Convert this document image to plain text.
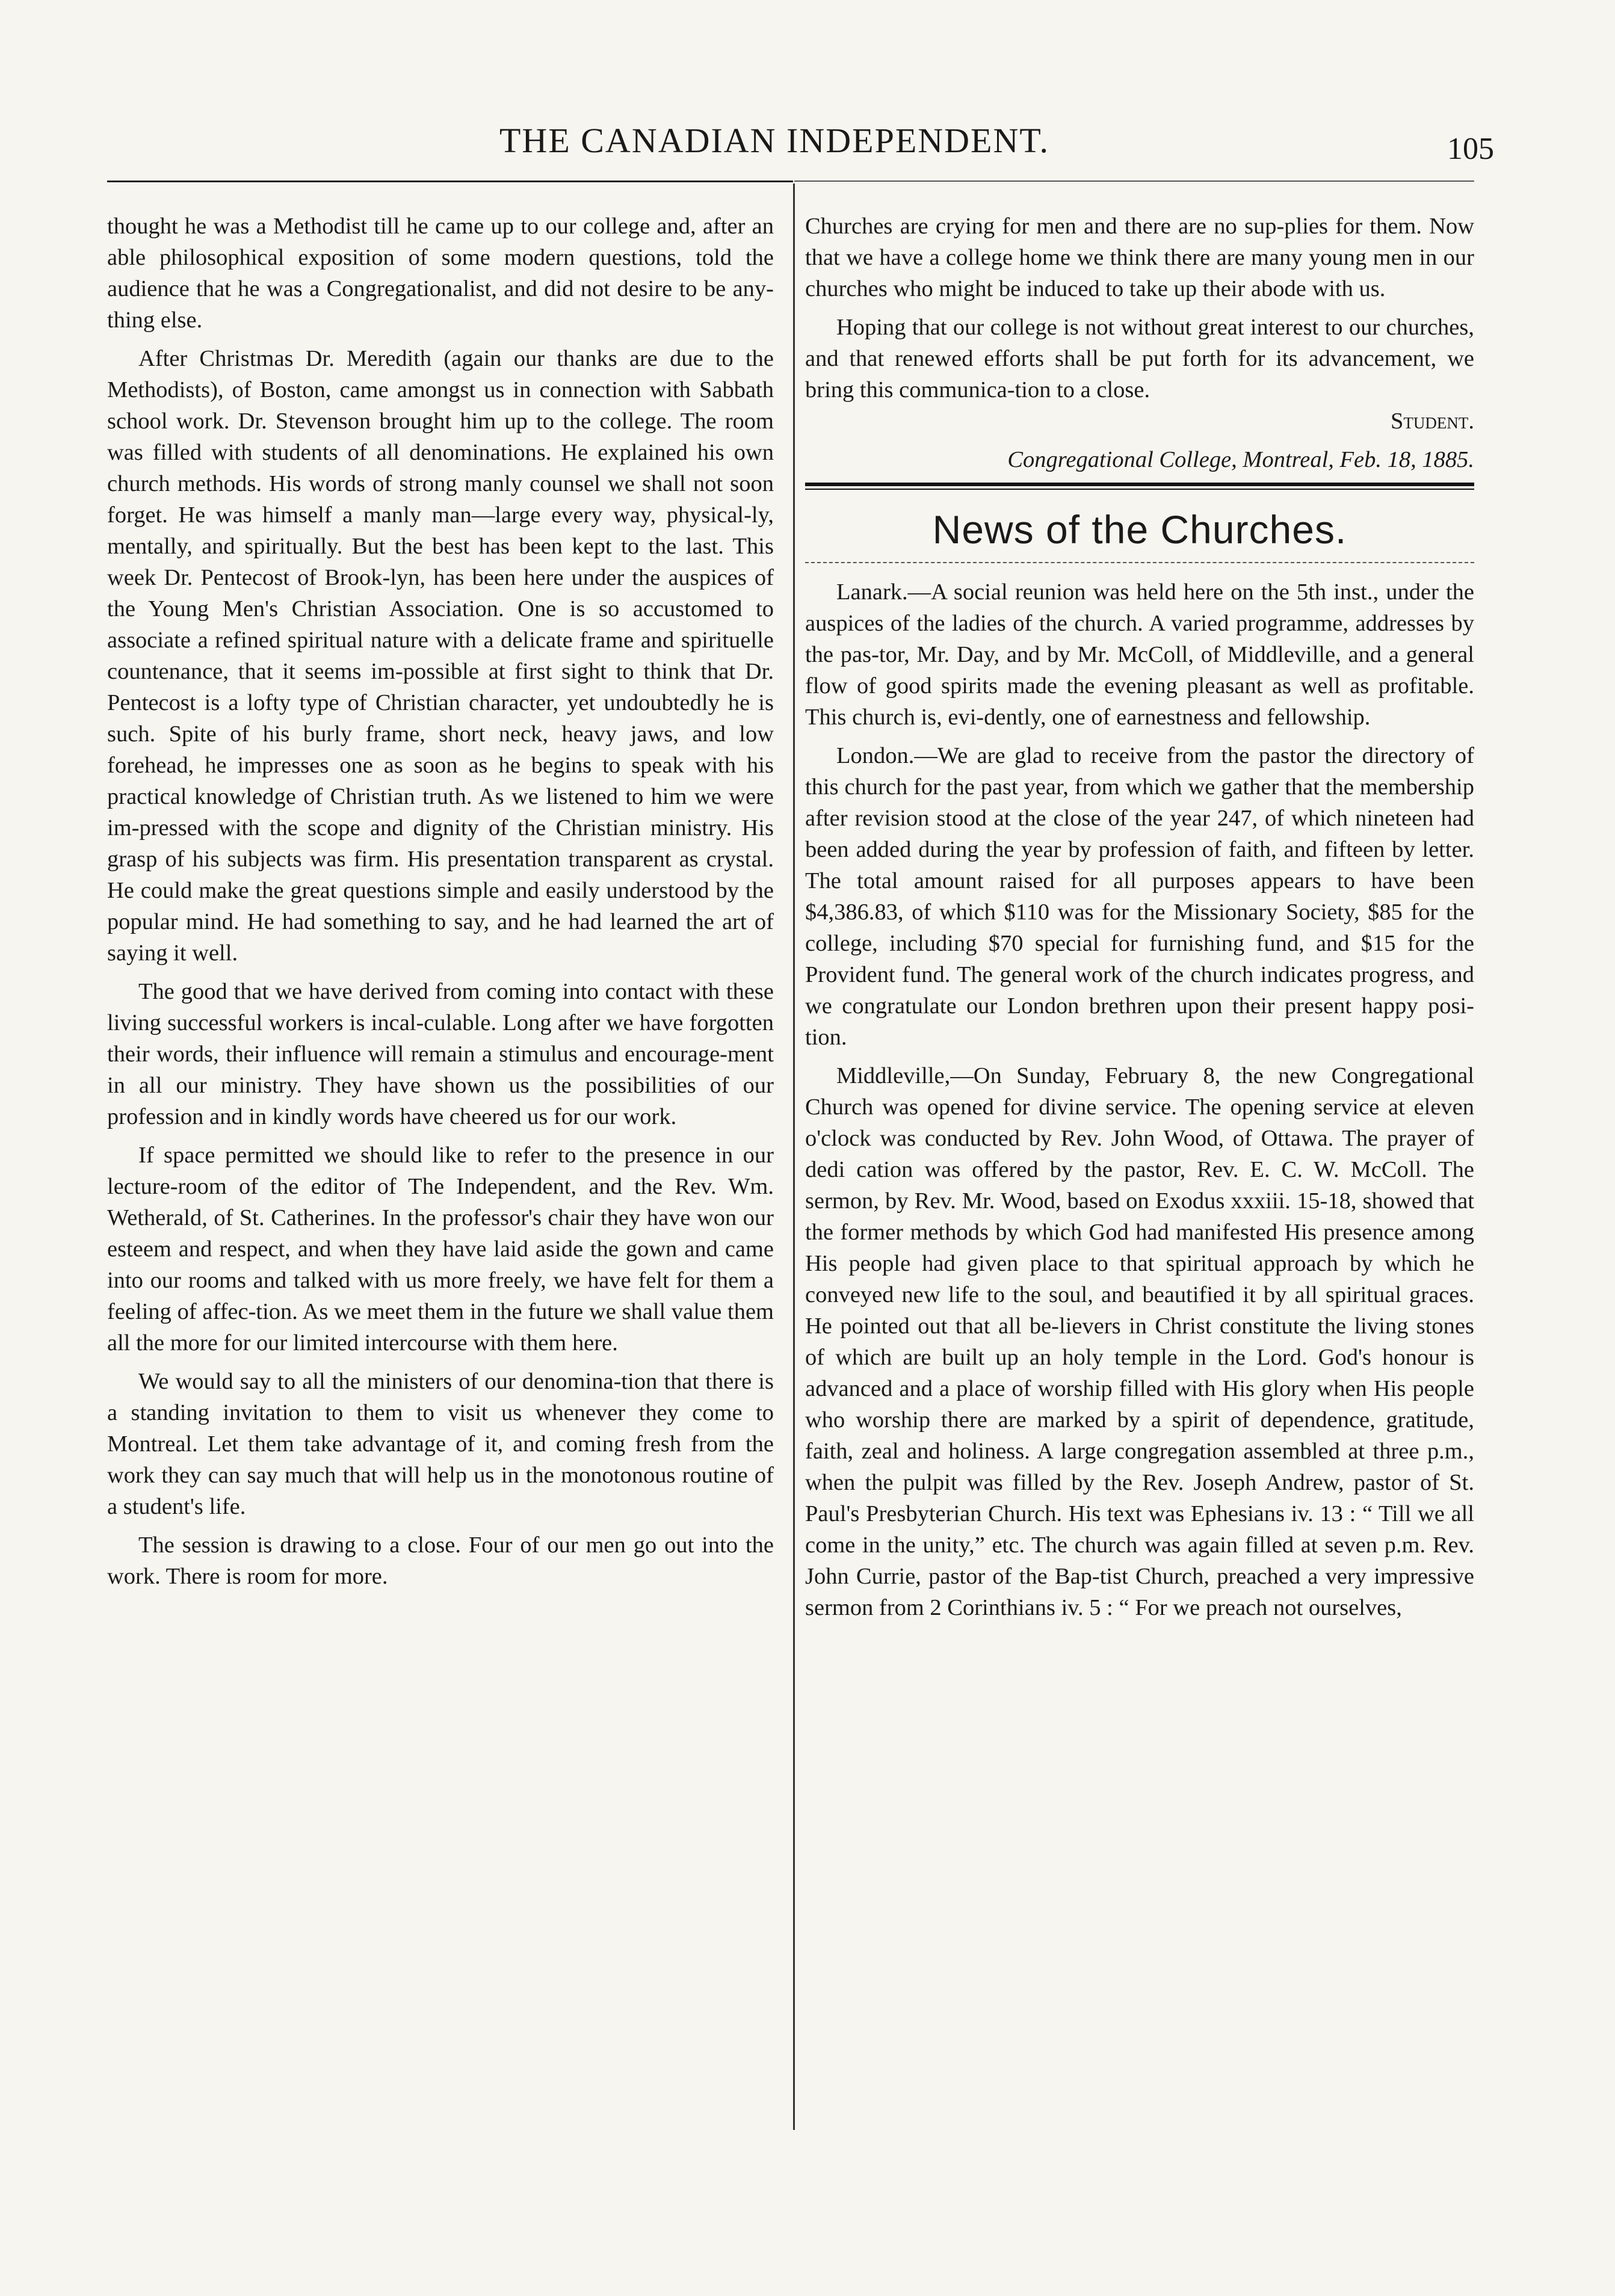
THE CANADIAN INDEPENDENT.	105

thought he was a Methodist till he came up to our college and, after an able philosophical exposition of some modern questions, told the audience that he was a Congregationalist, and did not desire to be any-thing else.

After Christmas Dr. Meredith (again our thanks are due to the Methodists), of Boston, came amongst us in connection with Sabbath school work. Dr. Stevenson brought him up to the college. The room was filled with students of all denominations. He explained his own church methods. His words of strong manly counsel we shall not soon forget. He was himself a manly man—large every way, physical-ly, mentally, and spiritually. But the best has been kept to the last. This week Dr. Pentecost of Brook-lyn, has been here under the auspices of the Young Men's Christian Association. One is so accustomed to associate a refined spiritual nature with a delicate frame and spirituelle countenance, that it seems im-possible at first sight to think that Dr. Pentecost is a lofty type of Christian character, yet undoubtedly he is such. Spite of his burly frame, short neck, heavy jaws, and low forehead, he impresses one as soon as he begins to speak with his practical knowledge of Christian truth. As we listened to him we were im-pressed with the scope and dignity of the Christian ministry. His grasp of his subjects was firm. His presentation transparent as crystal. He could make the great questions simple and easily understood by the popular mind. He had something to say, and he had learned the art of saying it well.

The good that we have derived from coming into contact with these living successful workers is incal-culable. Long after we have forgotten their words, their influence will remain a stimulus and encourage-ment in all our ministry. They have shown us the possibilities of our profession and in kindly words have cheered us for our work.

If space permitted we should like to refer to the presence in our lecture-room of the editor of The Independent, and the Rev. Wm. Wetherald, of St. Catherines. In the professor's chair they have won our esteem and respect, and when they have laid aside the gown and came into our rooms and talked with us more freely, we have felt for them a feeling of affec-tion. As we meet them in the future we shall value them all the more for our limited intercourse with them here.

We would say to all the ministers of our denomina-tion that there is a standing invitation to them to visit us whenever they come to Montreal. Let them take advantage of it, and coming fresh from the work they can say much that will help us in the monotonous routine of a student's life.

The session is drawing to a close. Four of our men go out into the work. There is room for more.

Churches are crying for men and there are no sup-plies for them. Now that we have a college home we think there are many young men in our churches who might be induced to take up their abode with us.

Hoping that our college is not without great interest to our churches, and that renewed efforts shall be put forth for its advancement, we bring this communica-tion to a close.

Student.

Congregational College, Montreal, Feb. 18, 1885.

News of the Churches.

Lanark.—A social reunion was held here on the 5th inst., under the auspices of the ladies of the church. A varied programme, addresses by the pas-tor, Mr. Day, and by Mr. McColl, of Middleville, and a general flow of good spirits made the evening pleasant as well as profitable. This church is, evi-dently, one of earnestness and fellowship.

London.—We are glad to receive from the pastor the directory of this church for the past year, from which we gather that the membership after revision stood at the close of the year 247, of which nineteen had been added during the year by profession of faith, and fifteen by letter. The total amount raised for all purposes appears to have been $4,386.83, of which $110 was for the Missionary Society, $85 for the college, including $70 special for furnishing fund, and $15 for the Provident fund. The general work of the church indicates progress, and we congratulate our London brethren upon their present happy posi-tion.

Middleville,—On Sunday, February 8, the new Congregational Church was opened for divine service. The opening service at eleven o'clock was conducted by Rev. John Wood, of Ottawa. The prayer of dedi cation was offered by the pastor, Rev. E. C. W. McColl. The sermon, by Rev. Mr. Wood, based on Exodus xxxiii. 15-18, showed that the former methods by which God had manifested His presence among His people had given place to that spiritual approach by which he conveyed new life to the soul, and beautified it by all spiritual graces. He pointed out that all be-lievers in Christ constitute the living stones of which are built up an holy temple in the Lord. God's honour is advanced and a place of worship filled with His glory when His people who worship there are marked by a spirit of dependence, gratitude, faith, zeal and holiness. A large congregation assembled at three p.m., when the pulpit was filled by the Rev. Joseph Andrew, pastor of St. Paul's Presbyterian Church. His text was Ephesians iv. 13 : “ Till we all come in the unity,” etc. The church was again filled at seven p.m. Rev. John Currie, pastor of the Bap-tist Church, preached a very impressive sermon from 2 Corinthians iv. 5 : “ For we preach not ourselves,
